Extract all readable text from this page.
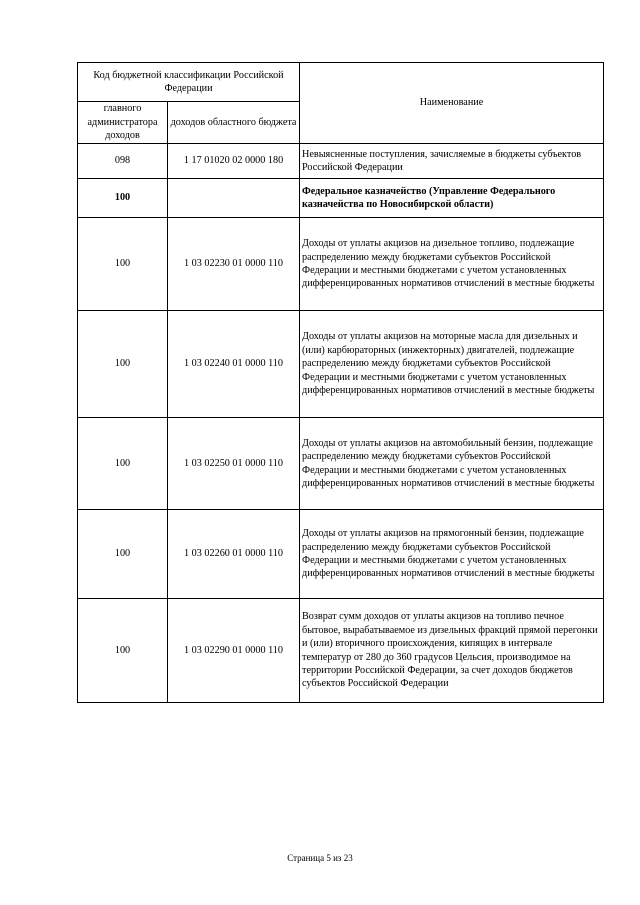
Код бюджетной классификации Российской Федерации		Наименование
главного администратора доходов	доходов областного бюджета	
098	1 17 01020 02 0000 180	Невыясненные поступления, зачисляемые в бюджеты субъектов Российской Федерации
100		Федеральное казначейство (Управление Федерального казначейства по Новосибирской области)
100	1 03 02230 01 0000 110	Доходы от уплаты акцизов на дизельное топливо, подлежащие распределению между бюджетами субъектов Российской Федерации и местными бюджетами с учетом установленных дифференцированных нормативов отчислений в местные бюджеты
100	1 03 02240 01 0000 110	Доходы от уплаты акцизов на моторные масла для дизельных и (или) карбюраторных (инжекторных) двигателей, подлежащие распределению между бюджетами субъектов Российской Федерации и местными бюджетами с учетом установленных дифференцированных нормативов отчислений в местные бюджеты
100	1 03 02250 01 0000 110	Доходы от уплаты акцизов на автомобильный бензин, подлежащие распределению между бюджетами субъектов Российской Федерации и местными бюджетами с учетом установленных дифференцированных нормативов отчислений в местные бюджеты
100	1 03 02260 01 0000 110	Доходы от уплаты акцизов на прямогонный бензин, подлежащие распределению между бюджетами субъектов Российской Федерации и местными бюджетами с учетом установленных дифференцированных нормативов отчислений в местные бюджеты
100	1 03 02290 01 0000 110	Возврат сумм доходов от уплаты акцизов на топливо печное бытовое, вырабатываемое из дизельных фракций прямой перегонки и (или) вторичного происхождения, кипящих в интервале температур от 280 до 360 градусов Цельсия, производимое на территории Российской Федерации, за счет доходов бюджетов субъектов Российской Федерации
Страница 5 из 23
